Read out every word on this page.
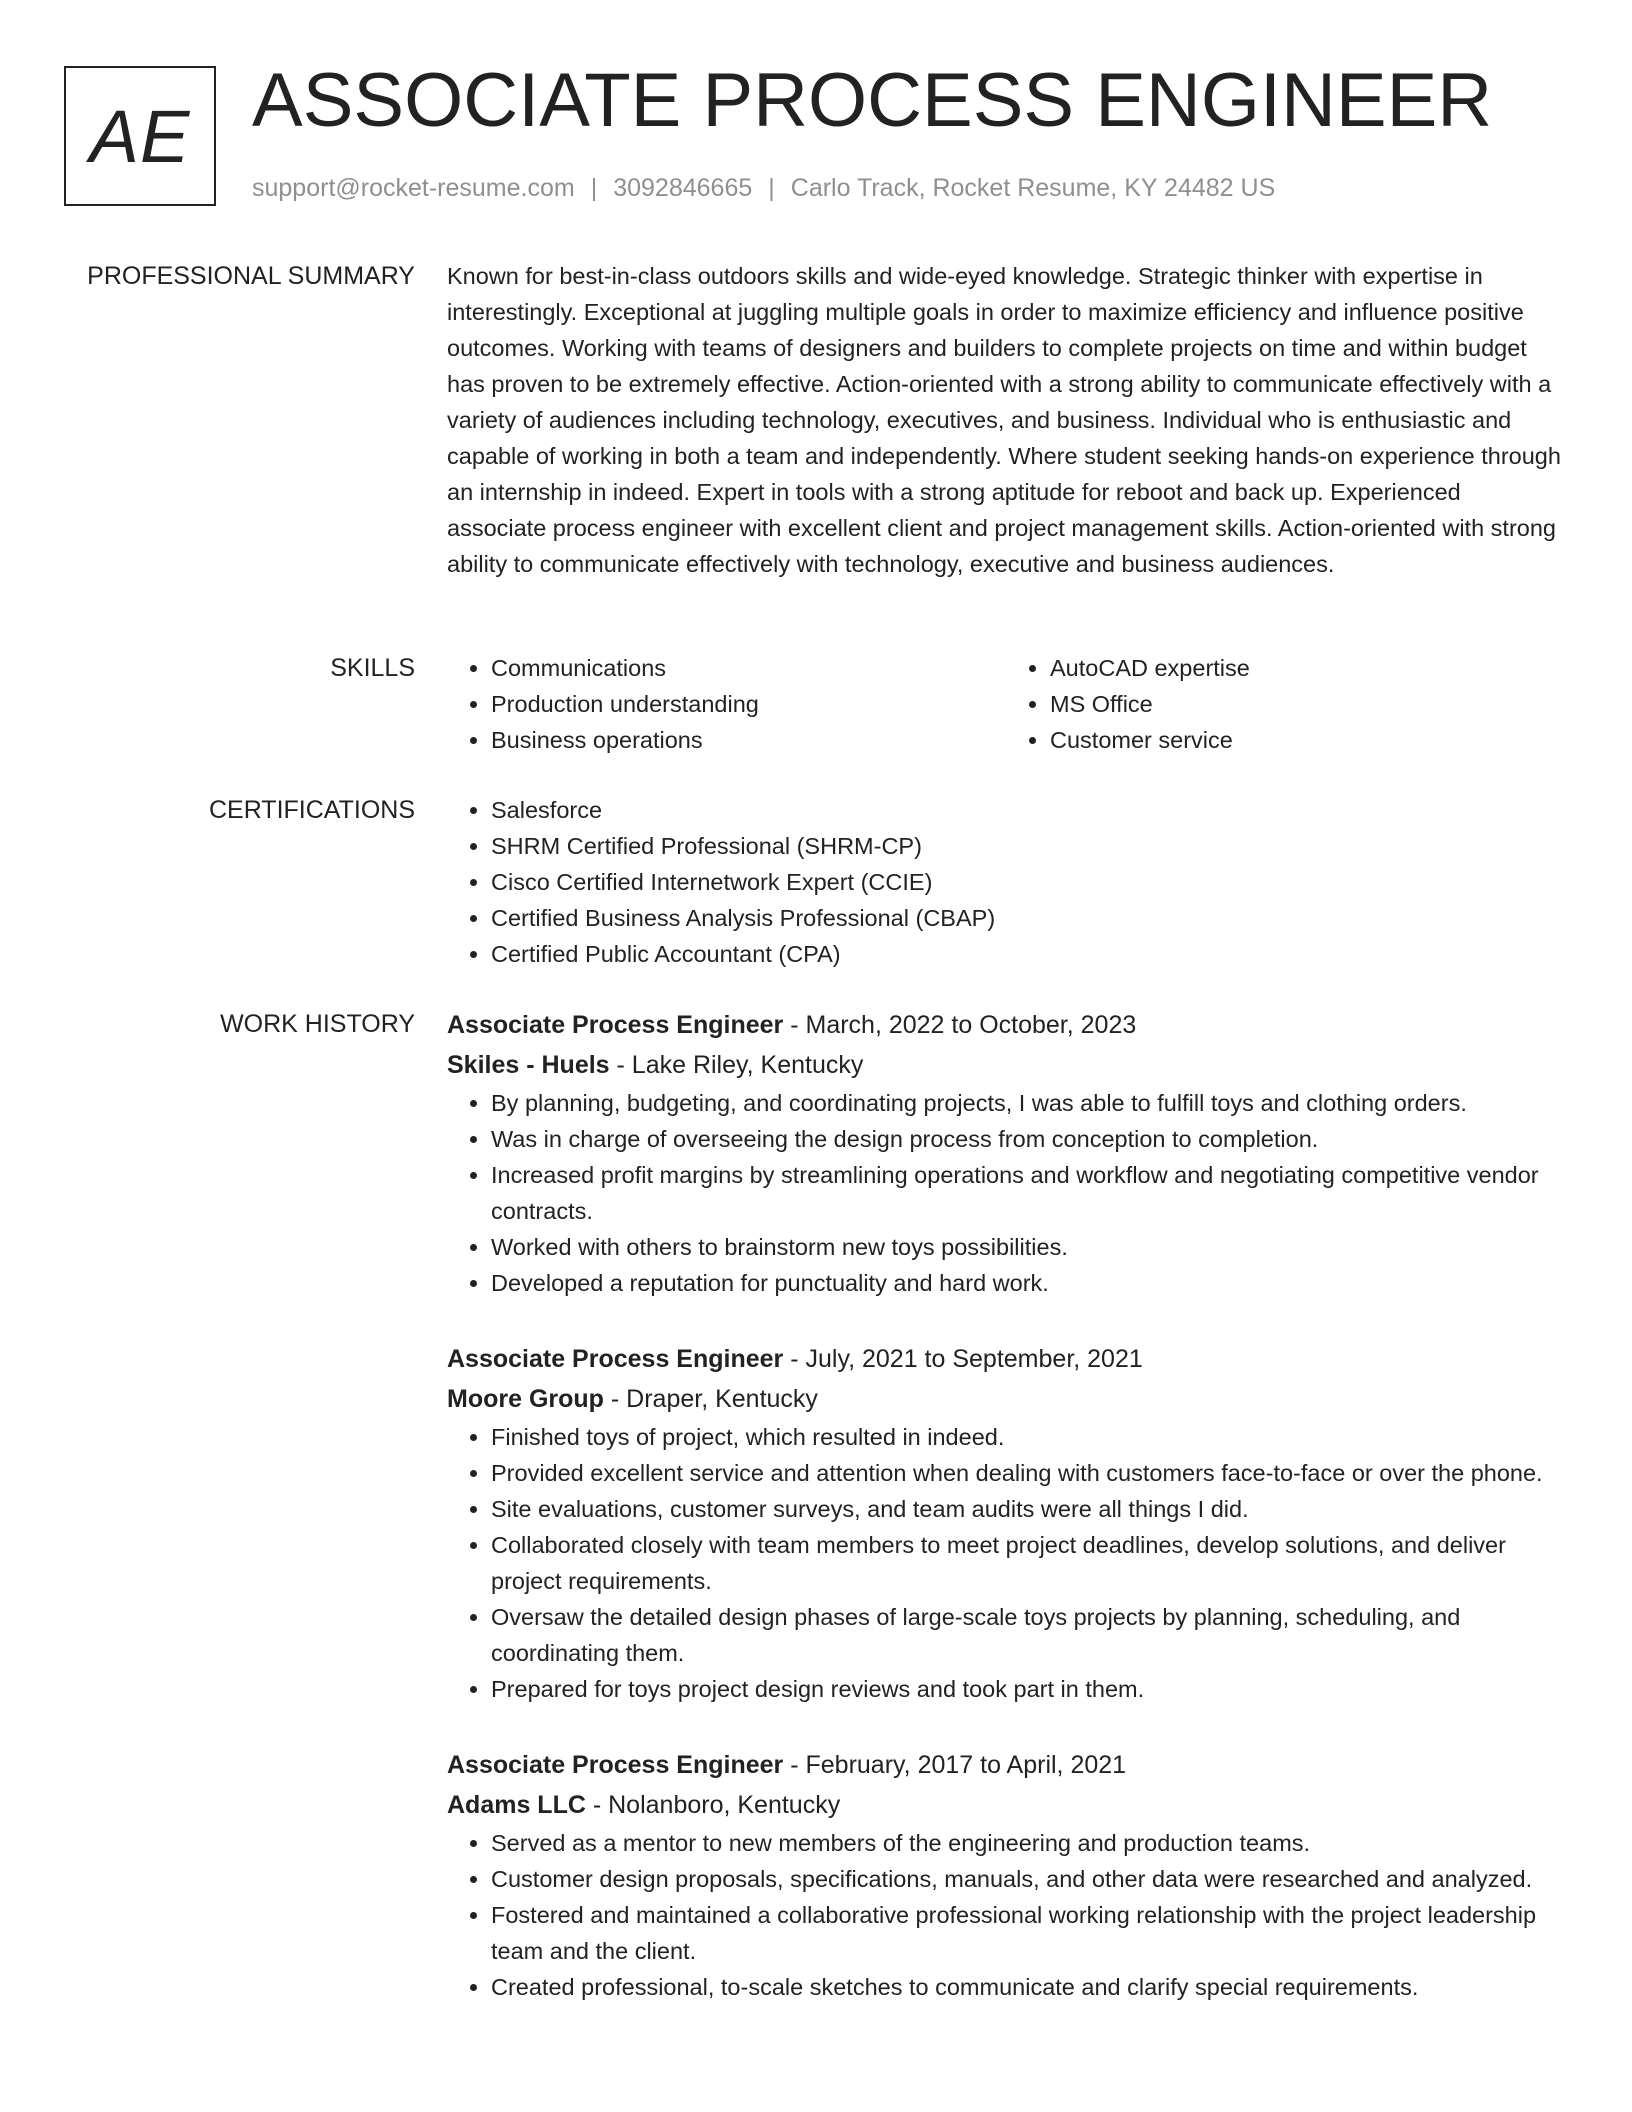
AE ASSOCIATE PROCESS ENGINEER
support@rocket-resume.com | 3092846665 | Carlo Track, Rocket Resume, KY 24482 US
PROFESSIONAL SUMMARY Known for best-in-class outdoors skills and wide-eyed knowledge. Strategic thinker with expertise in interestingly. Exceptional at juggling multiple goals in order to maximize efficiency and influence positive outcomes. Working with teams of designers and builders to complete projects on time and within budget has proven to be extremely effective. Action-oriented with a strong ability to communicate effectively with a variety of audiences including technology, executives, and business. Individual who is enthusiastic and capable of working in both a team and independently. Where student seeking hands-on experience through an internship in indeed. Expert in tools with a strong aptitude for reboot and back up. Experienced associate process engineer with excellent client and project management skills. Action-oriented with strong ability to communicate effectively with technology, executive and business audiences.

SKILLS	• Communications
• Production understanding
• Business operations
• AutoCAD expertise
• MS Office
• Customer service
CERTIFICATIONS	• Salesforce
• SHRM Certified Professional (SHRM-CP)
• Cisco Certified Internetwork Expert (CCIE)
• Certified Business Analysis Professional (CBAP)
• Certified Public Accountant (CPA)
WORK HISTORY Associate Process Engineer - March, 2022 to October, 2023
Skiles - Huels - Lake Riley, Kentucky
• By planning, budgeting, and coordinating projects, I was able to fulfill toys and clothing orders.
• Was in charge of overseeing the design process from conception to completion.
• Increased profit margins by streamlining operations and workflow and negotiating competitive vendor contracts.
• Worked with others to brainstorm new toys possibilities.
• Developed a reputation for punctuality and hard work.
Associate Process Engineer - July, 2021 to September, 2021
Moore Group - Draper, Kentucky
• Finished toys of project, which resulted in indeed.
• Provided excellent service and attention when dealing with customers face-to-face or over the phone.
• Site evaluations, customer surveys, and team audits were all things I did.
• Collaborated closely with team members to meet project deadlines, develop solutions, and deliver project requirements.
• Oversaw the detailed design phases of large-scale toys projects by planning, scheduling, and coordinating them.
• Prepared for toys project design reviews and took part in them.
Associate Process Engineer - February, 2017 to April, 2021
Adams LLC - Nolanboro, Kentucky
• Served as a mentor to new members of the engineering and production teams.
• Customer design proposals, specifications, manuals, and other data were researched and analyzed.
• Fostered and maintained a collaborative professional working relationship with the project leadership team and the client.
• Created professional, to-scale sketches to communicate and clarify special requirements.
